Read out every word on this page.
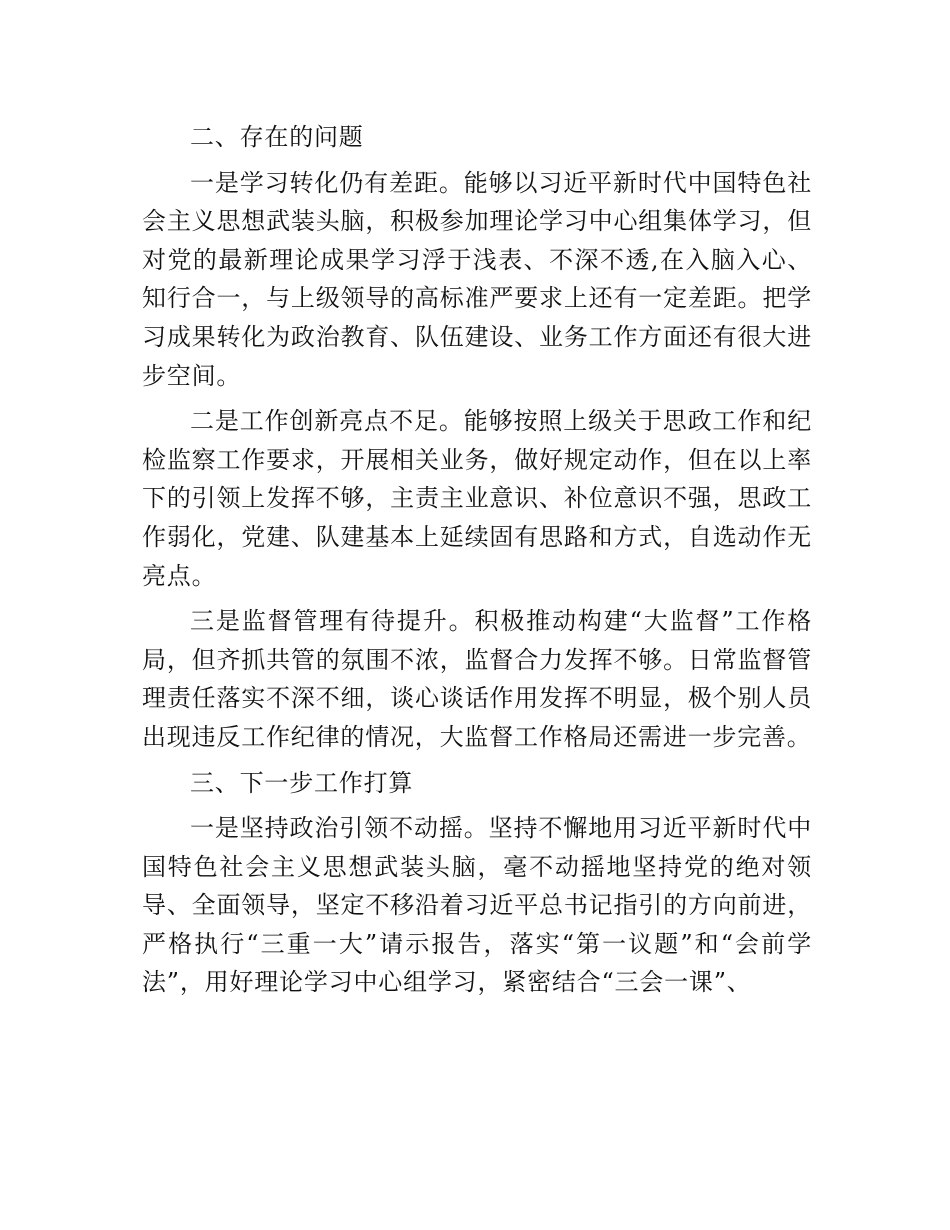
二、存在的问题

一是学习转化仍有差距。能够以习近平新时代中国特色社会主义思想武装头脑，积极参加理论学习中心组集体学习，但对党的最新理论成果学习浮于浅表、不深不透,在入脑入心、知行合一，与上级领导的高标准严要求上还有一定差距。把学习成果转化为政治教育、队伍建设、业务工作方面还有很大进步空间。

二是工作创新亮点不足。能够按照上级关于思政工作和纪检监察工作要求，开展相关业务，做好规定动作，但在以上率下的引领上发挥不够，主责主业意识、补位意识不强，思政工作弱化，党建、队建基本上延续固有思路和方式，自选动作无亮点。

三是监督管理有待提升。积极推动构建“大监督”工作格局，但齐抓共管的氛围不浓，监督合力发挥不够。日常监督管理责任落实不深不细，谈心谈话作用发挥不明显，极个别人员出现违反工作纪律的情况，大监督工作格局还需进一步完善。

三、下一步工作打算

一是坚持政治引领不动摇。坚持不懈地用习近平新时代中国特色社会主义思想武装头脑，毫不动摇地坚持党的绝对领导、全面领导，坚定不移沿着习近平总书记指引的方向前进，严格执行“三重一大”请示报告，落实“第一议题”和“会前学法”，用好理论学习中心组学习，紧密结合“三会一课”、
